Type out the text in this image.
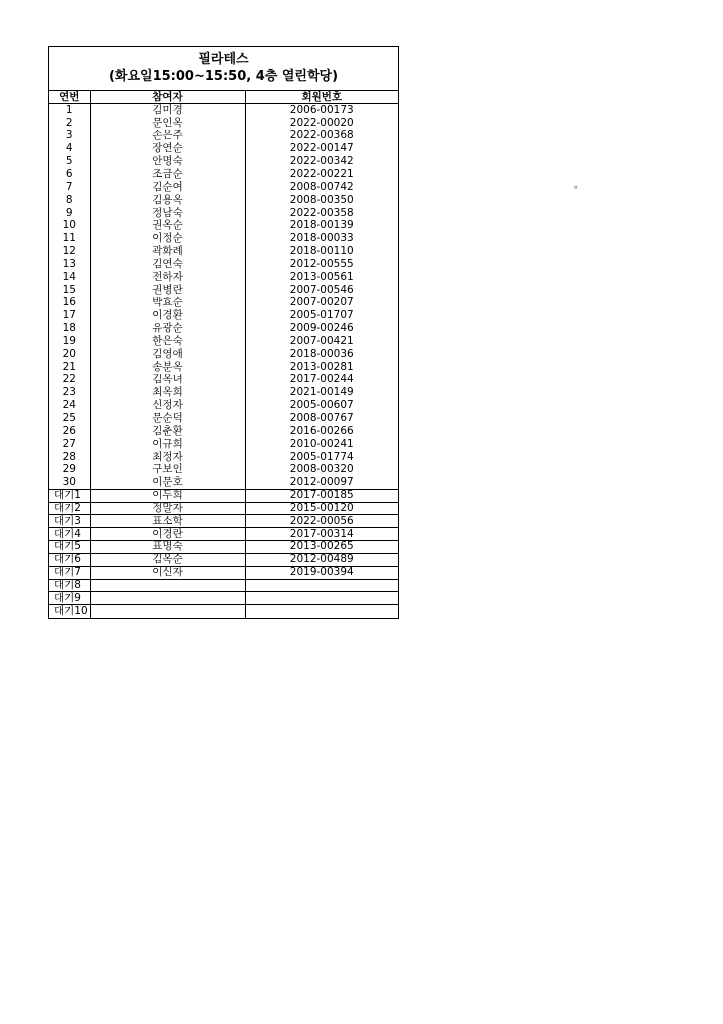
필라테스
(화요일15:00~15:50, 4층 열린학당)
연번	참여자	회원번호
1	김미경	2006-00173
2	문인옥	2022-00020
3	손은주	2022-00368
4	장연순	2022-00147
5	안명숙	2022-00342
6	조금순	2022-00221
7	김순여	2008-00742
8	김용옥	2008-00350
9	정남숙	2022-00358
10	권옥순	2018-00139
11	이정순	2018-00033
12	곽화례	2018-00110
13	김연숙	2012-00555
14	전하자	2013-00561
15	권병란	2007-00546
16	박효순	2007-00207
17	이경환	2005-01707
18	유광순	2009-00246
19	한은숙	2007-00421
20	김영애	2018-00036
21	송분옥	2013-00281
22	김옥녀	2017-00244
23	최옥희	2021-00149
24	신정자	2005-00607
25	문순덕	2008-00767
26	김춘환	2016-00266
27	이규희	2010-00241
28	최정자	2005-01774
29	구보인	2008-00320
30	이문호	2012-00097
대기1	이두희	2017-00185
대기2	정말자	2015-00120
대기3	표소학	2022-00056
대기4	이경란	2017-00314
대기5	표명숙	2013-00265
대기6	김옥순	2012-00489
대기7	이신자	2019-00394
대기8		
대기9		
대기10		
。
